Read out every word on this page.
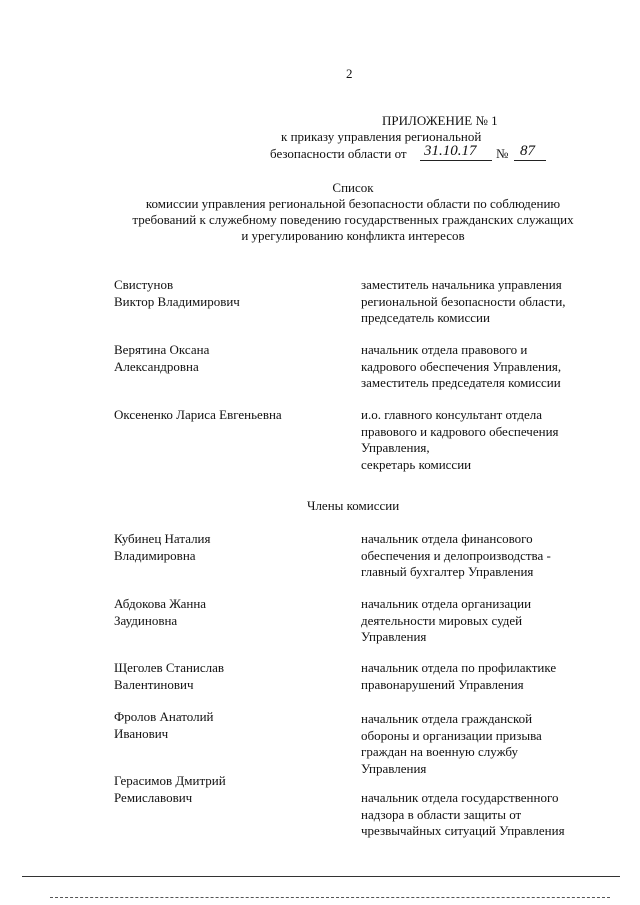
2
ПРИЛОЖЕНИЕ № 1
к приказу управления региональной
безопасности области от 31.10.17 № 87
Список
комиссии управления региональной безопасности области по соблюдению
требований к служебному поведению государственных гражданских служащих
и урегулированию конфликта интересов
Свистунов
Виктор Владимирович
заместитель начальника управления
региональной безопасности области,
председатель комиссии
Верятина Оксана
Александровна
начальник отдела правового и
кадрового обеспечения Управления,
заместитель председателя комиссии
Оксененко Лариса Евгеньевна	и.о. главного консультант отдела
правового и кадрового обеспечения
Управления,
секретарь комиссии
Члены комиссии
Кубинец Наталия
Владимировна
начальник отдела финансового
обеспечения и делопроизводства -
главный бухгалтер Управления
Абдокова Жанна
Заудиновна
начальник отдела организации
деятельности мировых судей
Управления
Щеголев Станислав
Валентинович
начальник отдела по профилактике
правонарушений Управления
Фролов Анатолий
Иванович
начальник отдела гражданской
обороны и организации призыва
граждан на военную службу
Управления
Герасимов Дмитрий
Ремиславович	начальник отдела государственного
надзора в области защиты от
чрезвычайных ситуаций Управления
